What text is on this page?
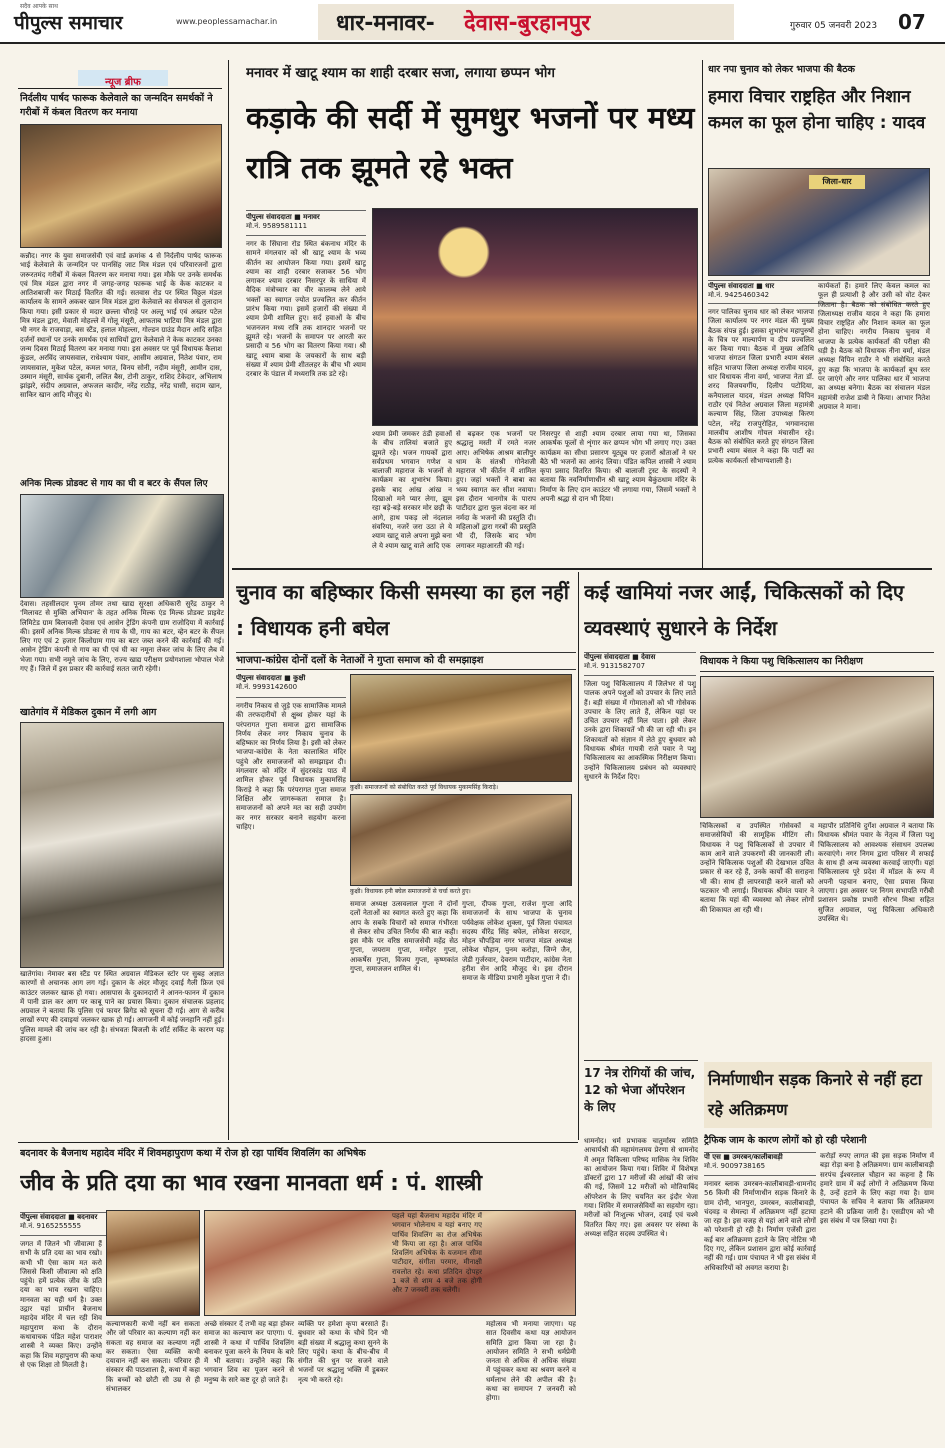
सदैव आपके साथ
पीपुल्स समाचार	www.peoplessamachar.in	धार-मनावर- देवास-बुरहानपुर	गुरुवार 05 जनवरी 2023 07
न्यूज ब्रीफ
निर्दलीय पार्षद फारूक केलेवाले का जन्मदिन समर्थकों ने गरीबों में कंबल वितरण कर मनाया
कन्नौद। नगर के युवा समाजसेवी एवं वार्ड क्रमांक 4 से निर्दलीय पार्षद फारूक भाई केलेवाले के जन्मदिन पर पानसिंह जाट मित्र मंडल एवं परिवारजनों द्वारा जरूरतमंद गरीबों में कंबल वितरण कर मनाया गया। इस मौके पर उनके समर्थक एवं मित्र मंडल द्वारा नगर में जगह-जगह फारूक भाई के केक काटकर व आतिशबाजी कर मिठाई वितरित की गई। सतवास रोड पर स्थित विठ्ठल मंडल कार्यालय के सामने अकबर खान मित्र मंडल द्वारा केलेवाले का सेवफल से तुलादान किया गया। इसी प्रकार से मदार छल्ला चौराहे पर अल्तू भाई एवं अख्तर पटेल मित्र मंडल द्वारा, मेवाती मोहल्ले में गोलू मंसूरी, आफताब भाटिया मित्र मंडल द्वारा भी नगर के राजवाड़ा, बस स्टैंड, हलाल मोहल्ला, गोल्डन ग्राउंड मैदान आदि सहित दर्जनों स्थानों पर उनके समर्थक एवं साथियों द्वारा केलेवाले ने केक काटकर उनका जन्म दिवस मिठाई वितरण कर मनाया गया। इस अवसर पर पूर्व विधायक कैलाश कुंडल, अरविंद जायसवाल, राधेश्याम पंवार, आसीम अग्रवाल, नितेश पंवार, राम जायसवाल, मुकेश पटेल, कमल भगत, विनय सोनी, नदीम मंसूरी, आमीन दास, उस्मान मंसूरी, सार्थक दुबानी, ललित बैस, टोनी ठाकुर, राशिद टेकेदार, अभिलाष झांझरे, संदीप अग्रवाल, अफजल कादीर, नरेंद्र राठौड़, नरेंद्र घासी, सदाम खान, साकिर खान आदि मौजूद थे।
अनिक मिल्क प्रोडक्ट से गाय का घी व बटर के सैंपल लिए
देवास। तहसीलदार पूनम तोमर तथा खाद्य सुरक्षा अधिकारी सुरेंद्र ठाकुर ने 'मिलावट से मुक्ति अभियान' के तहत अनिक मिल्क एंड मिल्क प्रोडक्ट प्राइवेट लिमिटेड ग्राम बिलावली देवास एवं आसेन ट्रेडिंग कंपनी ग्राम राजोदिया में कार्रवाई की। इसमें अनिक मिल्क प्रोडक्ट से गाय के घी, गाय का बटर, व्हेन बटर के सैंपल लिए गए एवं 2 हजार किलोग्राम गाय का बटर जब्त करने की कार्रवाई की गई। आसेन ट्रेडिंग कंपनी से गाय का घी एवं घी का नमूना लेकर जांच के लिए लैब में भेजा गया। सभी नमूने जांच के लिए, राज्य खाद्य परीक्षण प्रयोगशाला भोपाल भेजे गए हैं। जिले में इस प्रकार की कार्रवाई सतत जारी रहेगी।
खातेगांव में मेडिकल दुकान में लगी आग
खातेगांव। नेमावर बस स्टैंड पर स्थित अग्रवाल मेडिकल स्टोर पर सुबह अज्ञात कारणों से अचानक आग लग गई। दुकान के अंदर मौजूद दवाई गैली फ्रिज एवं काउंटर जलकर खाक हो गया। आसपास के दुकानदारों ने आनन-फानन में दुकान में पानी डाल कर आग पर काबू पाने का प्रयास किया। दुकान संचालक प्रहलाद अग्रवाल ने बताया कि पुलिस एवं फायर ब्रिगेड को सूचना दी गई। आग से करीब लाखों रुपए की दवाइयां जलकर खाक हो गई। आगजनी में कोई जनहानि नहीं हुई। पुलिस मामले की जांच कर रही है। संभवतः बिजली के शॉर्ट सर्किट के कारण यह हादसा हुआ।
मनावर में खाटू श्याम का शाही दरबार सजा, लगाया छप्पन भोग
कड़ाके की सर्दी में सुमधुर भजनों पर मध्य रात्रि तक झूमते रहे भक्त
पीपुल्स संवाददाता ■ मनावर
मो.नं. 9589581111
नगर के सिंघाना रोड स्थित बंकनाथ मंदिर के सामने मंगलवार को श्री खाटू श्याम के भव्य कीर्तन का आयोजन किया गया। इसमें खाटू श्याम का शाही दरबार सजाकर 56 भोग लगाकर श्याम दरबार निसरपुर के साधिया में वैदिक मंत्रोच्चार का वीर कालम्ब लेने आये भक्तों का स्वागत ज्योत प्रज्वलित कर कीर्तन प्रारंभ किया गया। इसमें हजारों की संख्या में श्याम प्रेमी शामिल हुए। सर्द हवाओं के बीच भजनजन मध्य रात्रि तक शानदार भजनों पर झूमते रहे। भजनों के समापन पर आरती कर प्रसादी व 56 भोग का वितरण किया गया। श्री खाटू श्याम बाबा के जयकारों के साथ बड़ी संख्या में श्याम प्रेमी शीतलहर के बीच भी श्याम दरबार के पंडाल में मध्यरात्रि तक डटे रहे।
श्याम प्रेमी जमकर ठंडी हवाओं के बीच तालियां बजाते हुए झूमते रहे। भजन गायकों द्वारा सर्वप्रथम भगवान गणेश व बालाजी महाराज के भजनों से कार्यक्रम का शुभारंभ किया। इसके बाद आंख आंख न दिखाओ मने प्यार लेगा, झूम रहा बड़े-बड़े सरकार मोर छड़ी के आगे, हाथ पकड़ लो नंदलाल संवरिया, नजरें जरा उठा ले ये श्याम खाटू वाले अपना मुझे बना ले ये श्याम खाटू वाले आदि एक
से बढ़कर एक भजनों पर श्रद्धालु मस्ती में रमते नजर आए। अभिषेक आश्रम बालीपुर धाम के संतश्री गोनेशजी महाराज भी कीर्तन में शामिल हुए। जहां भक्तों ने बाबा का भव्य स्वागत कर सीश नवाया। इस दौरान भानगोत्र के पाराप पाटीदार द्वारा फूल वंदना कर मां नर्मदा के भजनों की प्रस्तुति दी। महिलाओं द्वारा गरबों की प्रस्तुति भी दी, जिसके बाद भोग लगाकर महाआरती की गई।
निसरपुर से शाही श्याम दरबार लाया गया था, जिसका आकर्षक फूलों से शृंगार कर छप्पन भोग भी लगाए गए। उक्त कार्यक्रम का सीधा प्रसारण यूट्यूब पर हजारों श्रोताओं ने घर बैठे भी भजनों का आनंद लिया। पंडित कपिल शास्त्री ने श्याम कृपा प्रसाद वितरित किया। श्री बालाजी ट्रस्ट के सदस्यों ने बताया कि नवनिर्माणाधीन श्री खाटू श्याम बैकुंठधाम मंदिर के निर्माण के लिए दान काउंटर भी लगाया गया, जिसमें भक्तों ने अपनी श्रद्धा से दान भी दिया।
धार नपा चुनाव को लेकर भाजपा की बैठक
हमारा विचार राष्ट्रहित और निशान कमल का फूल होना चाहिए : यादव
जिला-धार
पीपुल्स संवाददाता ■ धार
मो.नं. 9425460342
नगर पालिका चुनाव धार को लेकर भाजपा जिला कार्यालय पर नगर मंडल की मुख्य बैठक संपन्न हुई। इसका शुभारंभ महापुरुषों के चित्र पर माल्यार्पण व दीप प्रज्वलित कर किया गया। बैठक में मुख्य अतिथि भाजपा संगठन जिला प्रभारी श्याम बंसल सहित भाजपा जिला अध्यक्ष राजीव यादव, धार विधायक नीना वर्मा, भाजपा नेता डॉ. शरद विजयवर्गीय, दिलीप पटोदिया, कनैयालाल यादव, मंडल अध्यक्ष विपिन राठौर एवं नितेश अग्रवाल जिला महामंत्री कल्याण सिंह, जिला उपाध्यक्ष किरण पटेल, नरेंद्र राजपुरोहित, भगवानदास मालवीय आशीष गोयल मंचासीन रहे। बैठक को संबोधित करते हुए संगठन जिला प्रभारी श्याम बंसल ने कहा कि पार्टी का प्रत्येक कार्यकर्ता सौभाग्यशाली है।
कार्यकर्ता हैं। हमारे लिए केवल कमल का फूल ही प्रत्याशी है और उसी को वोट देकर जिताना है। बैठक को संबोधित करते हुए जिलाध्यक्ष राजीव यादव ने कहा कि हमारा विचार राष्ट्रहित और निशान कमल का फूल होना चाहिए। नगरीय निकाय चुनाव में भाजपा के प्रत्येक कार्यकर्ता की परीक्षा की घड़ी है। बैठक को विधायक नीना वर्मा, मंडल अध्यक्ष विपिन राठौर ने भी संबोधित करते हुए कहा कि भाजपा के कार्यकर्ता बूथ स्तर पर जाएंगे और नगर पालिका धार में भाजपा का अध्यक्ष बनेगा। बैठक का संचालन मंडल महामंत्री राजेश डाबी ने किया। आभार नितेश अग्रवाल ने माना।
चुनाव का बहिष्कार किसी समस्या का हल नहीं : विधायक हनी बघेल
भाजपा-कांग्रेस दोनों दलों के नेताओं ने गुप्ता समाज को दी समझाइश
पीपुल्स संवाददाता ■ कुक्षी
मो.नं. 9993142600
नगरीय निकाय से जुड़े एक सामाजिक मामले की तरफदारीयों से क्षुब्ध होकर यहां के परंपरागत गुप्ता समाज द्वारा सामाजिक निर्णय लेकर नगर निकाय चुनाव के बहिष्कार का निर्णय लिया है। इसी को लेकर भाजपा-कांग्रेस के नेता कालाश्रित मंदिर पहुंचे और समाजजनों को समझाइश दी। मंगलवार को मंदिर में सुंदरकांड पाठ में शामिल होकर पूर्व विधायक मुकामसिंह किराड़े ने कहा कि परंपरागत गुप्ता समाज शिक्षित और जागरूकता समाज है। समाजजनों को अपने मत का सही उपयोग कर नगर सरकार बनाने सहयोग करना चाहिए।
कुक्षी। समाजजनों को संबोधित करते पूर्व विधायक मुकामसिंह किराड़े।
कुक्षी। विधायक हनी बघेल समाजजनों से चर्चा करते हुए।
समाज अध्यक्ष उत्सवलाल गुप्ता ने दोनों दलों नेताओं का स्वागत करते हुए कहा कि आप के सबके विचारों को समाज गंभीरता से लेकर सोच उचित निर्णय की बात कही। इस मौके पर वरिष्ठ समाजसेवी महेंद्र सेठ गुप्ता, जयराम गुप्ता, मनोहर गुप्ता, आकर्षेस गुप्ता, विजय गुप्ता, कृष्णकांत गुप्ता, समाजजन शामिल थे।
गुप्ता, दीपक गुप्ता, राजेश गुप्ता आदि समाजजनों के साथ भाजपा के चुनाव पर्यवेक्षक लोकेश शुक्ला, पूर्व जिला पंचायत सदस्य वीरेंद्र सिंह बघेल, लोकेश सरदार, मोहन चौपड़िया नगर भाजपा मंडल अध्यक्ष लोकेश चौहान, पुनम करोड़ा, जिग्ने जैन, जेडी गुर्जरवार, देवराम पाटीदार, कांग्रेस नेता हरीश सेन आदि मौजूद थे। इस दौरान समाज के मीडिया प्रभारी मुकेश गुप्ता ने दी।
कई खामियां नजर आईं, चिकित्सकों को दिए व्यवस्थाएं सुधारने के निर्देश
पीपुल्स संवाददाता ■ देवास
मो.नं. 9131582707	विधायक ने किया पशु चिकित्सालय का निरीक्षण
जिला पशु चिकित्सालय में जिलेभर से पशु पालक अपने पशुओं को उपचार के लिए लाते हैं। बड़ी संख्या में गोमाताओं को भी गोसेवक उपचार के लिए लाते हैं, लेकिन यहां पर उचित उपचार नहीं मिल पाता। इसे लेकर उनके द्वारा शिकायतें भी की जा रही थी। इन शिकायतों को संज्ञान में लेते हुए बुधवार को विधायक श्रीमंत गायत्री राजे पवार ने पशु चिकित्सालय का आकस्मिक निरीक्षण किया। उन्होंने चिकित्सालय प्रबंधन को व्यवस्थाएं सुधारने के निर्देश दिए।
चिकित्सकों व उपस्थित गोसेवकों व समाजसेवियों की सामूहिक मीटिंग ली। विधायक ने पशु चिकित्सकों से उपचार में काम आने वाले उपकरणों की जानकारी ली। उन्होंने चिकित्सक पशुओं की देखभाल उचित प्रकार से कर रहे हैं, उनके कार्यों की सराहना भी की। साथ ही लापरवाही करने वालों को फटकार भी लगाई। विधायक श्रीमंत पवार ने बताया कि यहां की व्यवस्था को लेकर लोगों की शिकायत आ रही थी।
महापौर प्रतिनिधि दुर्गेश अग्रवाल ने बताया कि विधायक श्रीमंत पवार के नेतृत्व में जिला पशु चिकित्सालय को आवश्यक संसाधन उपलब्ध करवाएंगे। नगर निगम द्वारा परिसर में सफाई के साथ ही अन्य व्यवस्था करवाई जाएगी। यहां चिकित्सालय पूरे प्रदेश में मॉडल के रूप में अपनी पहचान बनाए, ऐसा प्रयास किया जाएगा। इस अवसर पर निगम सभापति गरीबी प्रशासन प्रकोष्ठ प्रभारी सौरभ मिश्रा सहित सुजित अग्रवाल, पशु चिकित्सा अधिकारी उपस्थित थे।
17 नेत्र रोगियों की जांच, 12 को भेजा ऑपरेशन के लिए
धामनोद। धर्म प्रभावक चातुर्मास्य समिति आचार्यश्री की महामंगलमय प्रेरणा से धामनोद में अमृत चिकित्सा परिषद मासिक नेत्र शिविर का आयोजन किया गया। शिविर में विशेषज्ञ डॉक्टरों द्वारा 17 मरीजों की आंखों की जांच की गई, जिसमें 12 मरीजों को मोतियाबिंद ऑपरेशन के लिए चयनित कर इंदौर भेजा गया। शिविर में समाजसेवियों का सहयोग रहा। मरीजों को निःशुल्क भोजन, दवाई एवं चश्मे वितरित किए गए। इस अवसर पर संस्था के अध्यक्ष सहित सदस्य उपस्थित थे।
निर्माणाधीन सड़क किनारे से नहीं हटा रहे अतिक्रमण
ट्रैफिक जाम के कारण लोगों को हो रही परेशानी
पी एस ■ उमरबन/कालीबावड़ी
मो.नं. 9009738165
मनावर ब्लाक उमरबन-कालीबावड़ी-धामनोद 56 किमी की निर्माणाधीन सड़क किनारे के ग्राम दोनी, भानपुरा, उमरबन, कालीबावड़ी, चंदवड़ व सेमल्दा में अतिक्रमण नहीं हटाया जा रहा है। इस वजह से यहां आने वाले लोगों को परेशानी हो रही है। निर्माण एजेंसी द्वारा कई बार अतिक्रमण हटाने के लिए नोटिस भी दिए गए, लेकिन प्रशासन द्वारा कोई कार्रवाई नहीं की गई। ग्राम पंचायत ने भी इस संबंध में अधिकारियों को अवगत कराया है।
करोड़ों रुपए लागत की इस सड़क निर्माण में बड़ा रोड़ा बना है अतिक्रमण। ग्राम कालीबावड़ी सरपंच ईश्वरलाल चौहान का कहना है कि हमारे ग्राम में कई लोगों ने अतिक्रमण किया है, उन्हें हटाने के लिए कहा गया है। ग्राम पंचायत के सचिव ने बताया कि अतिक्रमण हटाने की प्रक्रिया जारी है। एसडीएम को भी इस संबंध में पत्र लिखा गया है।
बदनावर के बैजनाथ महादेव मंदिर में शिवमहापुराण कथा में रोज हो रहा पार्थिव शिवलिंग का अभिषेक
जीव के प्रति दया का भाव रखना मानवता धर्म : पं. शास्त्री
पीपुल्स संवाददाता ■ बदनावर
मो.नं. 9165255555
जगत में जितने भी जीवात्मा हैं सभी के प्रति दया का भाव रखो। कभी भी ऐसा काम मत करो जिससे किसी जीवात्मा को क्षति पहुंचे। हमें प्रत्येक जीव के प्रति दया का भाव रखना चाहिए। मानवता का यही धर्म है। उक्त उद्गार यहां प्राचीन बैजनाथ महादेव मंदिर में चल रही शिव महापुराण कथा के दौरान कथावाचक पंडित महेश पाराशर शास्त्री ने व्यक्त किए। उन्होंने कहा कि शिव महापुराण की कथा से एक शिक्षा तो मिलती है।
कल्याणकारी कभी नहीं बन सकता और जो परिवार का कल्याण नहीं कर सकता वह समाज का कल्याण नहीं कर सकता। ऐसा व्यक्ति कभी दयावान नहीं बन सकता। परिवार ही संस्कार की पाठशाला है, कथा में कहा कि बच्चों को छोटी सी उम्र से ही संभालकर
अच्छे संस्कार दें तभी वह बड़ा होकर समाज का कल्याण कर पाएगा। पं. शास्त्री ने कथा में पार्थिव शिवलिंग बनाकर पूजा करने के नियम के बारे में भी बताया। उन्होंने कहा कि भगवान शिव का पूजन करने से मनुष्य के सारे कष्ट दूर हो जाते हैं।
व्यक्ति पर हमेशा कृपा बरसाते हैं। बुधवार को कथा के चौथे दिन भी बड़ी संख्या में श्रद्धालु कथा सुनने के लिए पहुंचे। कथा के बीच-बीच में संगीत की धुन पर सजने वाले भजनों पर श्रद्धालु भक्ति में डूबकर नृत्य भी करते रहे।
पहले यहां बैजनाथ महादेव मंदिर में भगवान भोलेनाथ व यहां बनाए गए पार्थिव शिवलिंग का रोज अभिषेक भी किया जा रहा है। आज पार्थिव शिवलिंग अभिषेक के यजमान सीमा पाटीदार, संगीता परमार, मीनाक्षी रावलोत रहे। कथा प्रतिदिन दोपहर 1 बजे से शाम 4 बजे तक होगी और 7 जनवरी तक चलेगी।
महोत्सव भी मनाया जाएगा। यह सात दिवसीय कथा यज्ञ आयोजन समिति द्वारा किया जा रहा है। आयोजन समिति ने सभी धर्मप्रेमी जनता से अधिक से अधिक संख्या में पहुंचकर कथा का श्रवण करने व धर्मलाभ लेने की अपील की है। कथा का समापन 7 जनवरी को होगा।
